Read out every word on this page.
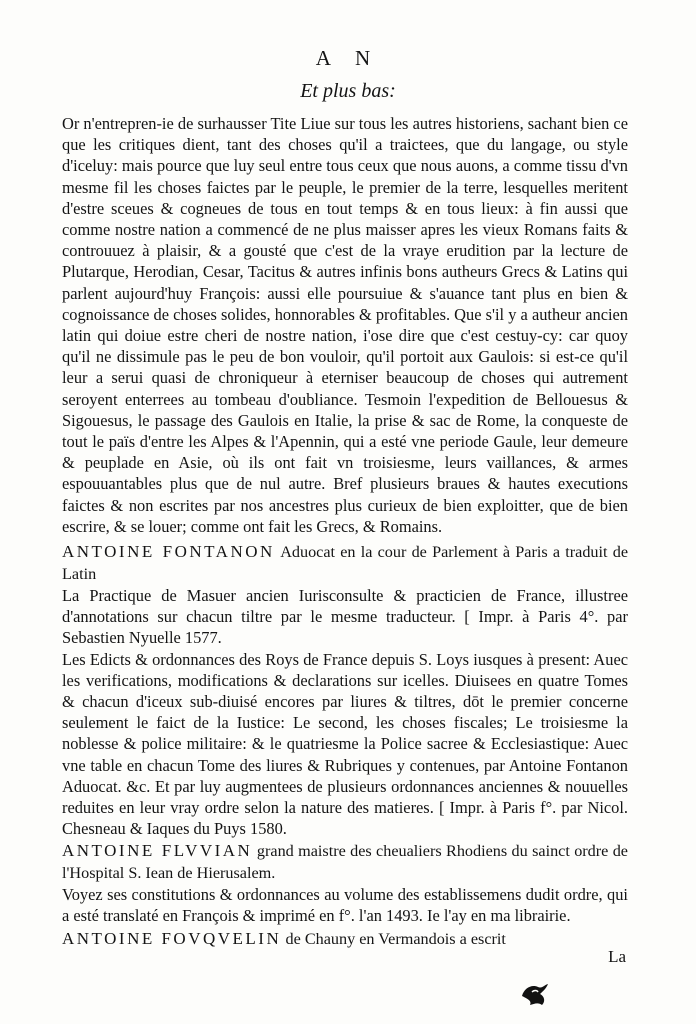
A N
Et plus bas:

Or n'entrepren-ie de surhausser Tite Liue sur tous les autres historiens, sachant bien ce que les critiques dient, tant des choses qu'il a traictees, que du langage, ou style d'iceluy: mais pource que luy seul entre tous ceux que nous auons, a comme tissu d'vn mesme fil les choses faictes par le peuple, le premier de la terre, lesquelles meritent d'estre sceues & cogneues de tous en tout temps & en tous lieux: à fin aussi que comme nostre nation a commencé de ne plus maisser apres les vieux Romans faits & controuuez à plaisir, & a gousté que c'est de la vraye erudition par la lecture de Plutarque, Herodian, Cesar, Tacitus & autres infinis bons autheurs Grecs & Latins qui parlent aujourd'huy François: aussi elle poursuiue & s'auance tant plus en bien & cognoissance de choses solides, honnorables & profitables. Que s'il y a autheur ancien latin qui doiue estre cheri de nostre nation, i'ose dire que c'est cestuy-cy: car quoy qu'il ne dissimule pas le peu de bon vouloir, qu'il portoit aux Gaulois: si est-ce qu'il leur a serui quasi de chroniqueur à eterniser beaucoup de choses qui autrement seroyent enterrees au tombeau d'oubliance. Tesmoin l'expedition de Bellouesus & Sigouesus, le passage des Gaulois en Italie, la prise & sac de Rome, la conqueste de tout le païs d'entre les Alpes & l'Apennin, qui a esté vne periode Gaule, leur demeure & peuplade en Asie, où ils ont fait vn troisiesme, leurs vaillances, & armes espouuantables plus que de nul autre. Bref plusieurs braues & hautes executions faictes & non escrites par nos ancestres plus curieux de bien exploitter, que de bien escrire, & se louer; comme ont fait les Grecs, & Romains.

ANTOINE FONTANON Aduocat en la cour de Parlement à Paris a traduit de Latin

La Practique de Masuer ancien Iurisconsulte & practicien de France, illustree d'annotations sur chacun tiltre par le mesme traducteur. [ Impr. à Paris 4°. par Sebastien Nyuelle 1577.

Les Edicts & ordonnances des Roys de France depuis S. Loys iusques à present: Auec les verifications, modifications & declarations sur icelles. Diuisees en quatre Tomes & chacun d'iceux sub-diuisé encores par liures & tiltres, dōt le premier concerne seulement le faict de la Iustice: Le second, les choses fiscales; Le troisiesme la noblesse & police militaire: & le quatriesme la Police sacree & Ecclesiastique: Auec vne table en chacun Tome des liures & Rubriques y contenues, par Antoine Fontanon Aduocat. &c. Et par luy augmentees de plusieurs ordonnances anciennes & nouuelles reduites en leur vray ordre selon la nature des matieres. [ Impr. à Paris f°. par Nicol. Chesneau & Iaques du Puys 1580.

ANTOINE FLVVIAN grand maistre des cheualiers Rhodiens du sainct ordre de l'Hospital S. Iean de Hierusalem.

Voyez ses constitutions & ordonnances au volume des establissemens dudit ordre, qui a esté translaté en François & imprimé en f°. l'an 1493. Ie l'ay en ma librairie.

ANTOINE FOVQVELIN de Chauny en Vermandois a escrit

La
